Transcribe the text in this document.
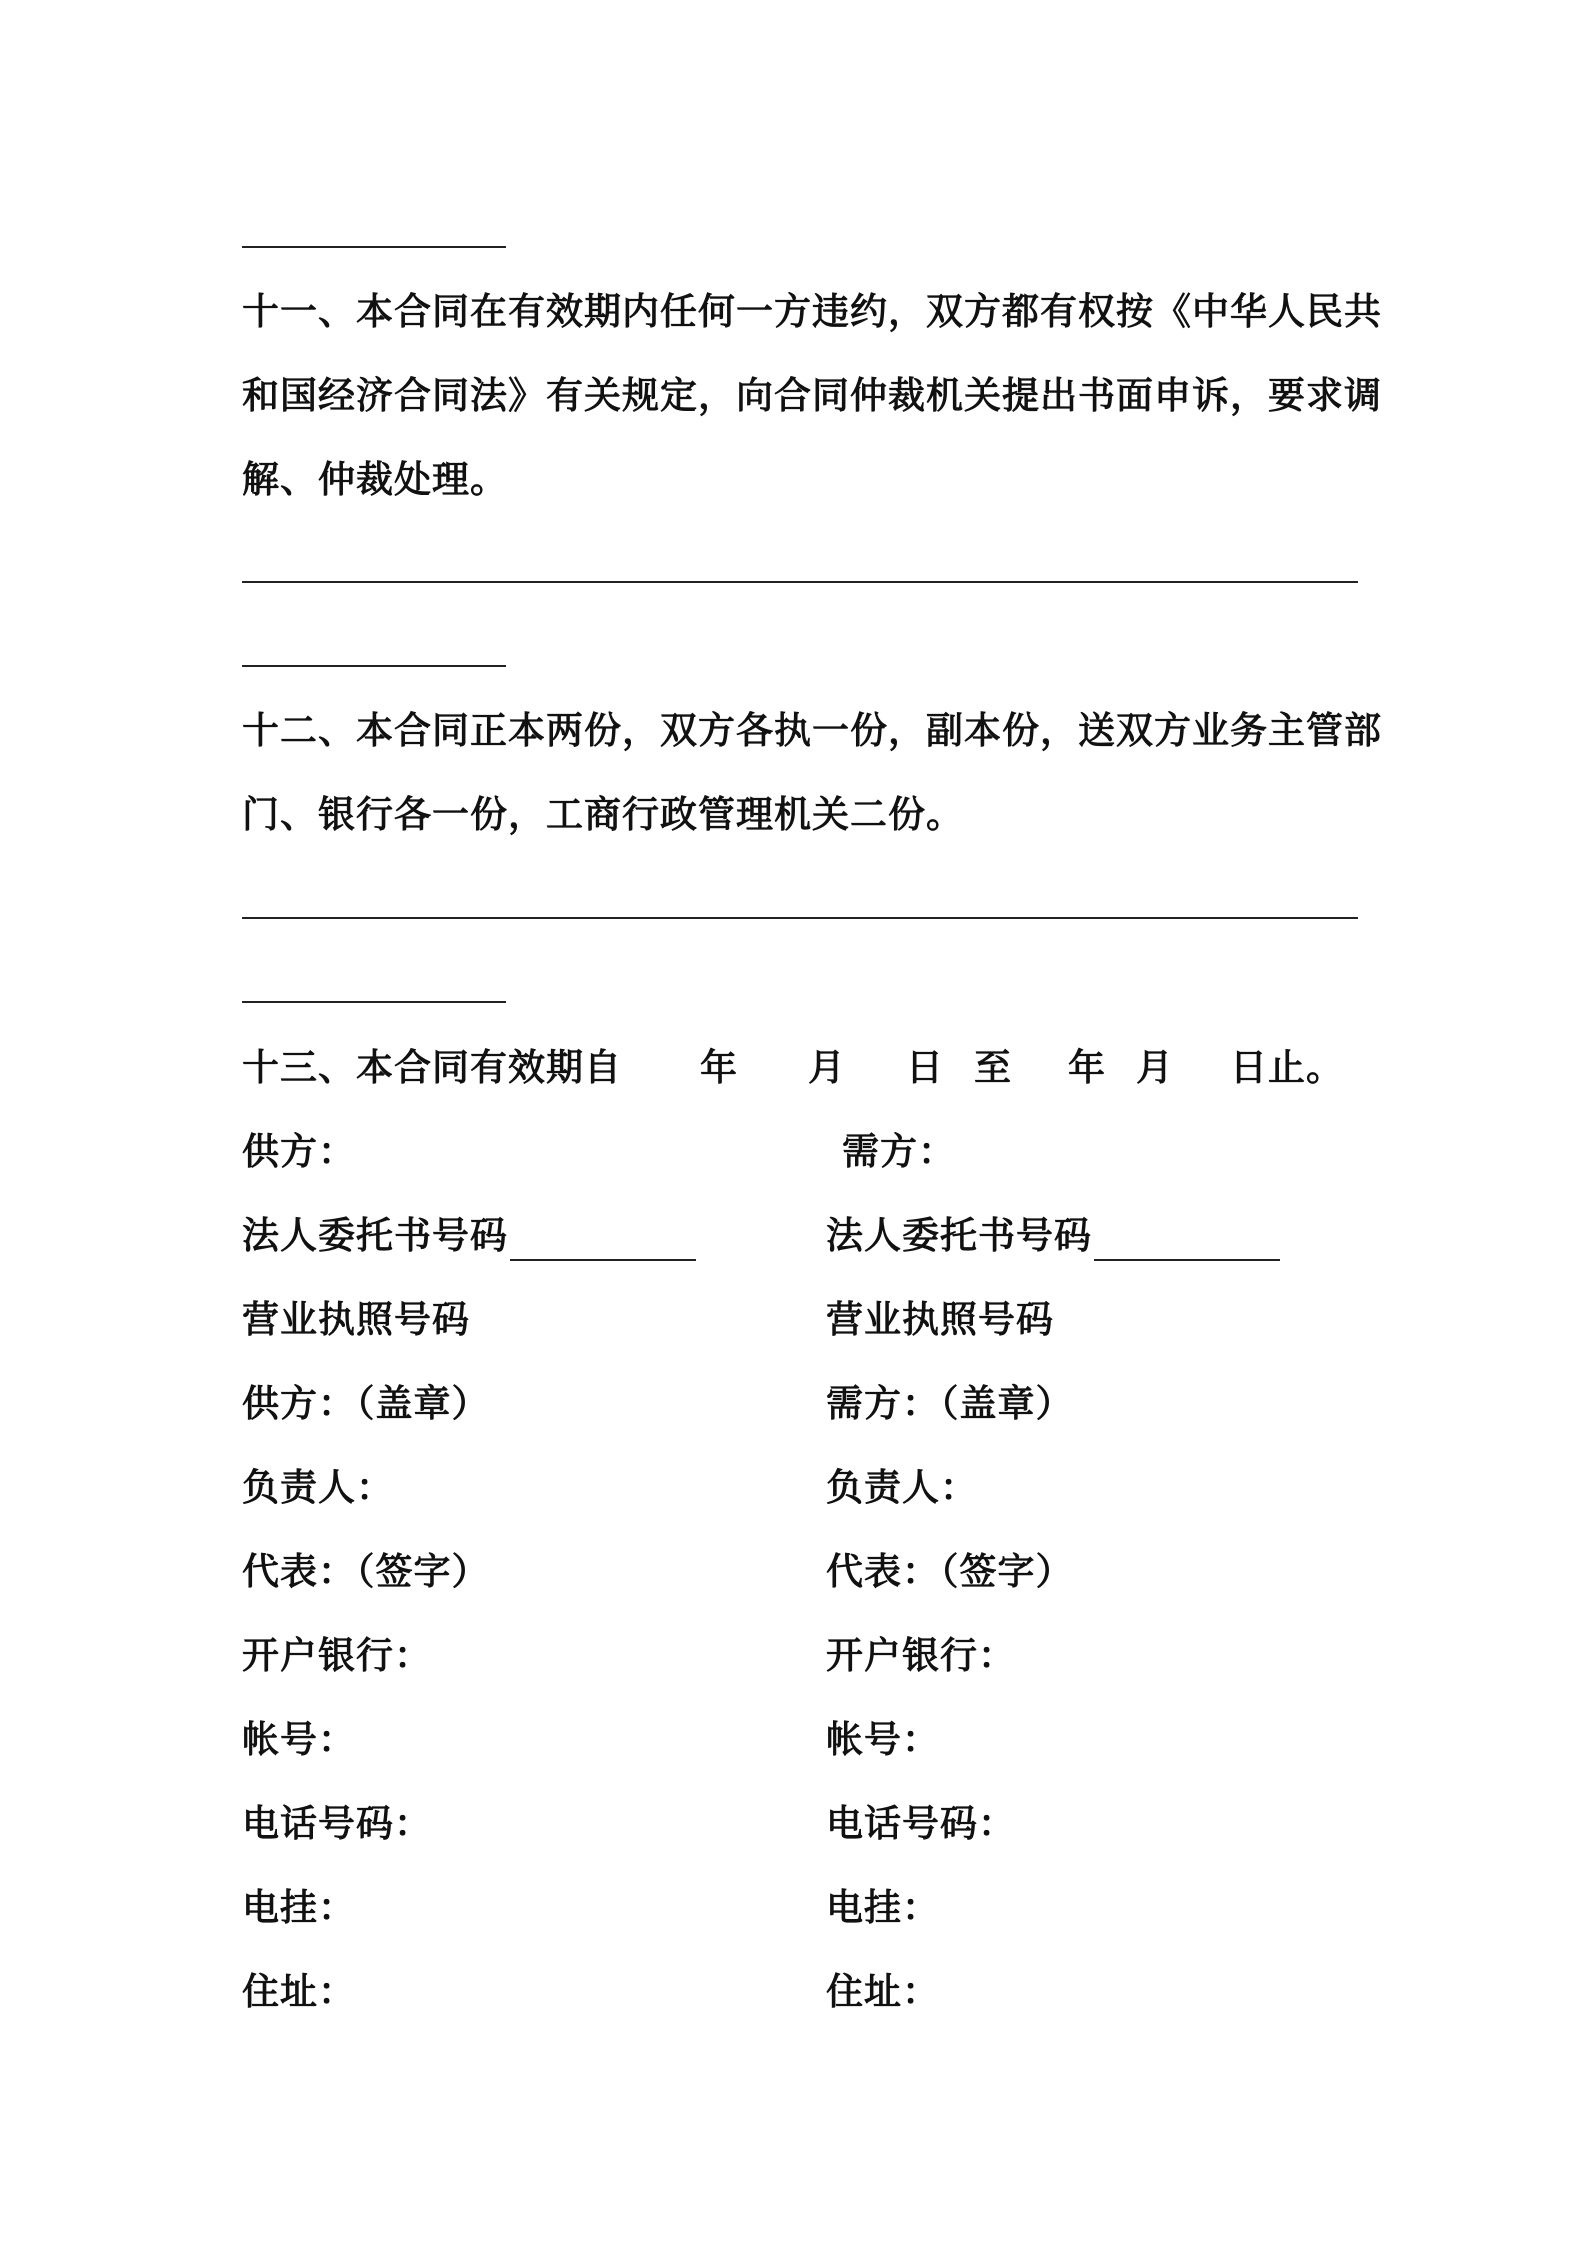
十一、本合同在有效期内任何一方违约，双方都有权按《中华人民共
和国经济合同法》有关规定，向合同仲裁机关提出书面申诉，要求调
解、仲裁处理。
十二、本合同正本两份，双方各执一份，副本份，送双方业务主管部
门、银行各一份，工商行政管理机关二份。
十三、本合同有效期自 年 月 日 至 年 月 日止。
供方：
法人委托书号码
营业执照号码
供方：（盖章）
负责人：
代表：（签字）
开户银行：
帐号：
电话号码：
电挂：
住址：
需方：
法人委托书号码
营业执照号码
需方：（盖章）
负责人：
代表：（签字）
开户银行：
帐号：
电话号码：
电挂：
住址：
